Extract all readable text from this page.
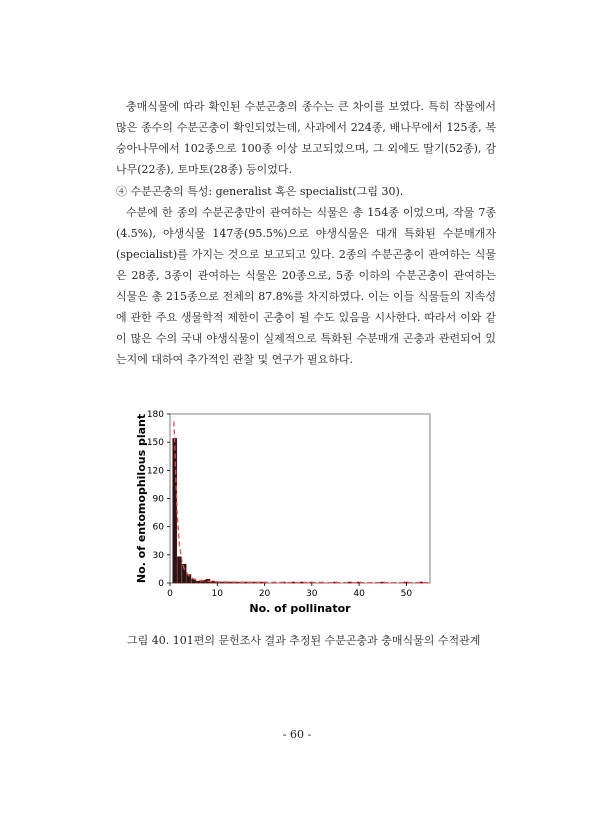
충매식물에 따라 확인된 수분곤충의 종수는 큰 차이를 보였다. 특히 작물에서 많은 종수의 수분곤충이 확인되었는데, 사과에서 224종, 배나무에서 125종, 복숭아나무에서 102종으로 100종 이상 보고되었으며, 그 외에도 딸기(52종), 감나무(22종), 토마토(28종) 등이었다.

④ 수분곤충의 특성: generalist 혹은 specialist(그림 30).

수분에 한 종의 수분곤충만이 관여하는 식물은 총 154종 이었으며, 작물 7종(4.5%), 야생식물 147종(95.5%)으로 야생식물은 대개 특화된 수분매개자(specialist)를 가지는 것으로 보고되고 있다. 2종의 수분곤충이 관여하는 식물은 28종, 3종이 관여하는 식물은 20종으로, 5종 이하의 수분곤충이 관여하는 식물은 총 215종으로 전체의 87.8%를 차지하였다. 이는 이들 식물들의 지속성에 관한 주요 생물학적 제한이 곤충이 될 수도 있음을 시사한다. 따라서 이와 같이 많은 수의 국내 야생식물이 실제적으로 특화된 수분매개 곤충과 관련되어 있는지에 대하여 추가적인 관찰 및 연구가 필요하다.

0	10	20	30	40	50
0
30
60
90
120
150
180
No. of pollinator
No. of entomophilous plant

그림 40. 101편의 문헌조사 결과 추정된 수분곤충과 충매식물의 수적관계

- 60 -
